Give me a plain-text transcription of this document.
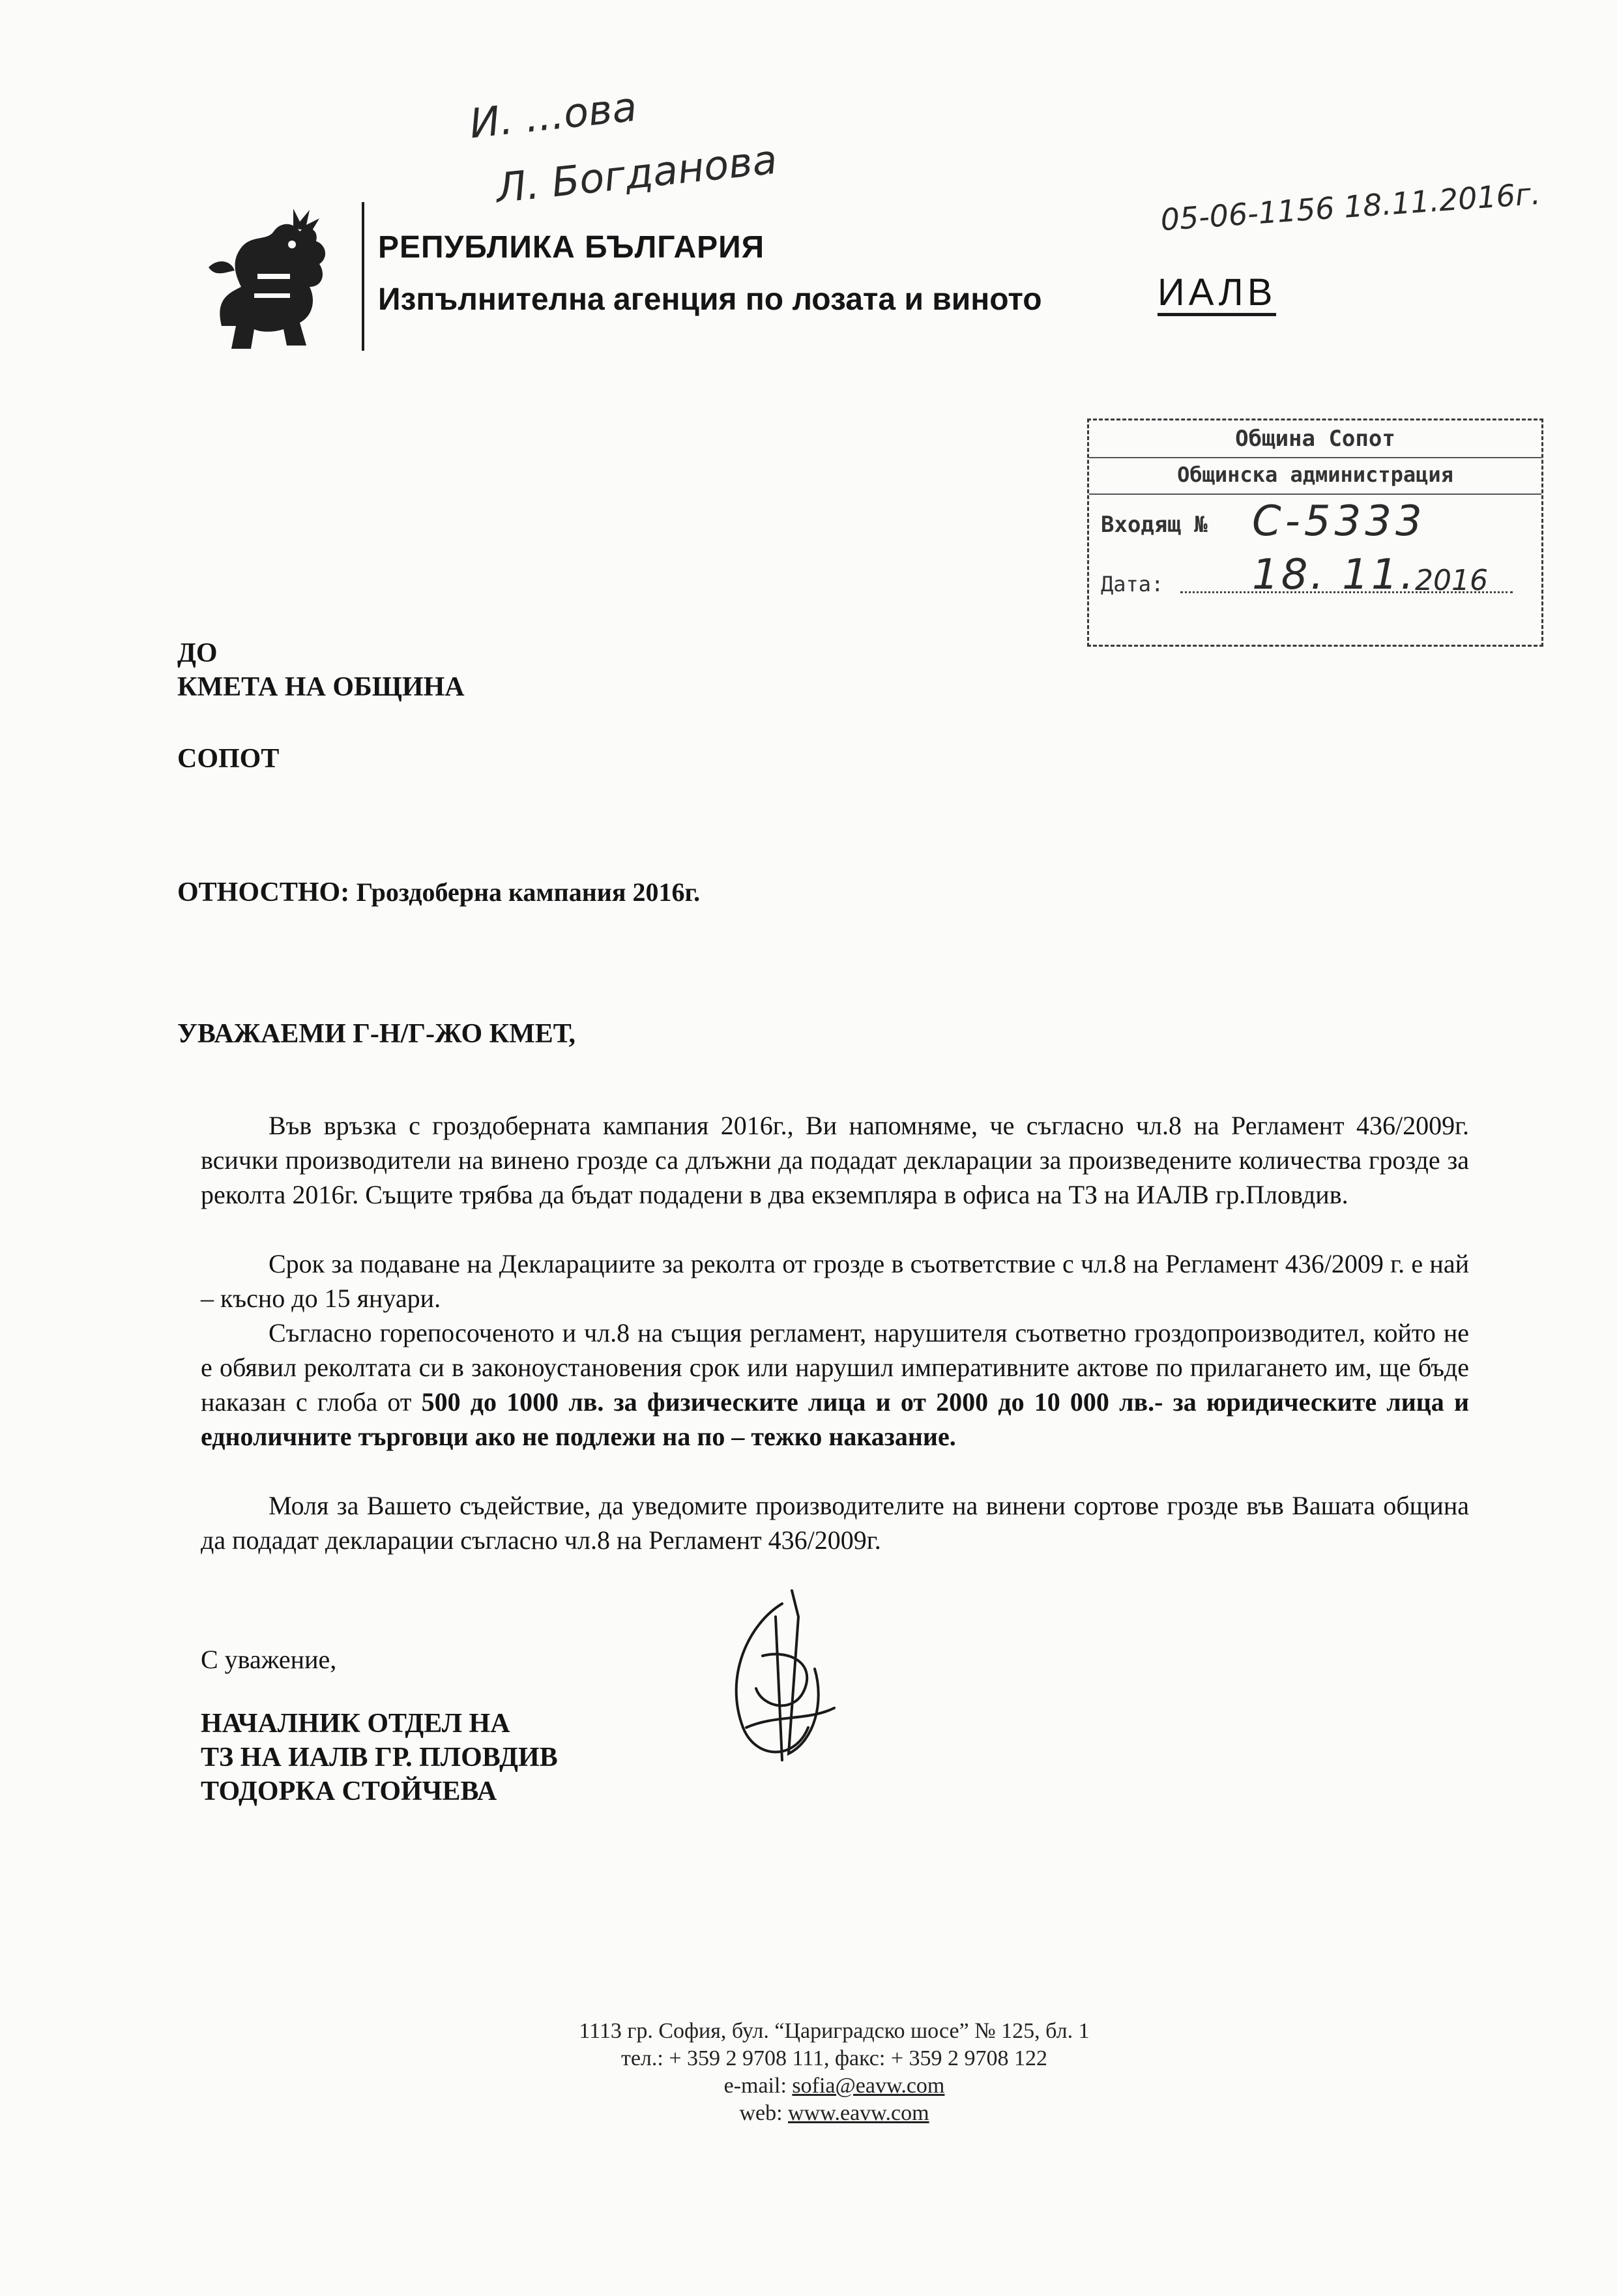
И. ...ова
Л. Богданова	05-06-1156 18.11.2016г.
РЕПУБЛИКА БЪЛГАРИЯ
Изпълнителна агенция по лозата и виното	ИАЛВ
Община Сопот
Общинска администрация
Входящ № С-5333
Дата: 18. 11.
2016
ДО
КМЕТА НА ОБЩИНА
СОПОТ
ОТНОСТНО: Гроздоберна кампания 2016г.
УВАЖАЕМИ Г-Н/Г-ЖО КМЕТ,
Във връзка с гроздоберната кампания 2016г., Ви напомняме, че съгласно чл.8 на Регламент 436/2009г. всички производители на винено грозде са длъжни да подадат декларации за произведените количества грозде за реколта 2016г. Същите трябва да бъдат подадени в два екземпляра в офиса на ТЗ на ИАЛВ гр.Пловдив.
Срок за подаване на Декларациите за реколта от грозде в съответствие с чл.8 на Регламент 436/2009 г. е най – късно до 15 януари.
Съгласно горепосоченото и чл.8 на същия регламент, нарушителя съответно гроздопроизводител, който не е обявил реколтата си в законоустановения срок или нарушил императивните актове по прилагането им, ще бъде наказан с глоба от 500 до 1000 лв. за физическите лица и от 2000 до 10 000 лв.- за юридическите лица и едноличните търговци ако не подлежи на по – тежко наказание.
Моля за Вашето съдействие, да уведомите производителите на винени сортове грозде във Вашата община да подадат декларации съгласно чл.8 на Регламент 436/2009г.
С уважение,
НАЧАЛНИК ОТДЕЛ НА
ТЗ НА ИАЛВ ГР. ПЛОВДИВ
ТОДОРКА СТОЙЧЕВА
1113 гр. София, бул. “Цариградско шосе” № 125, бл. 1
тел.: + 359 2 9708 111, факс: + 359 2 9708 122
e-mail: sofia@eavw.com
web: www.eavw.com
